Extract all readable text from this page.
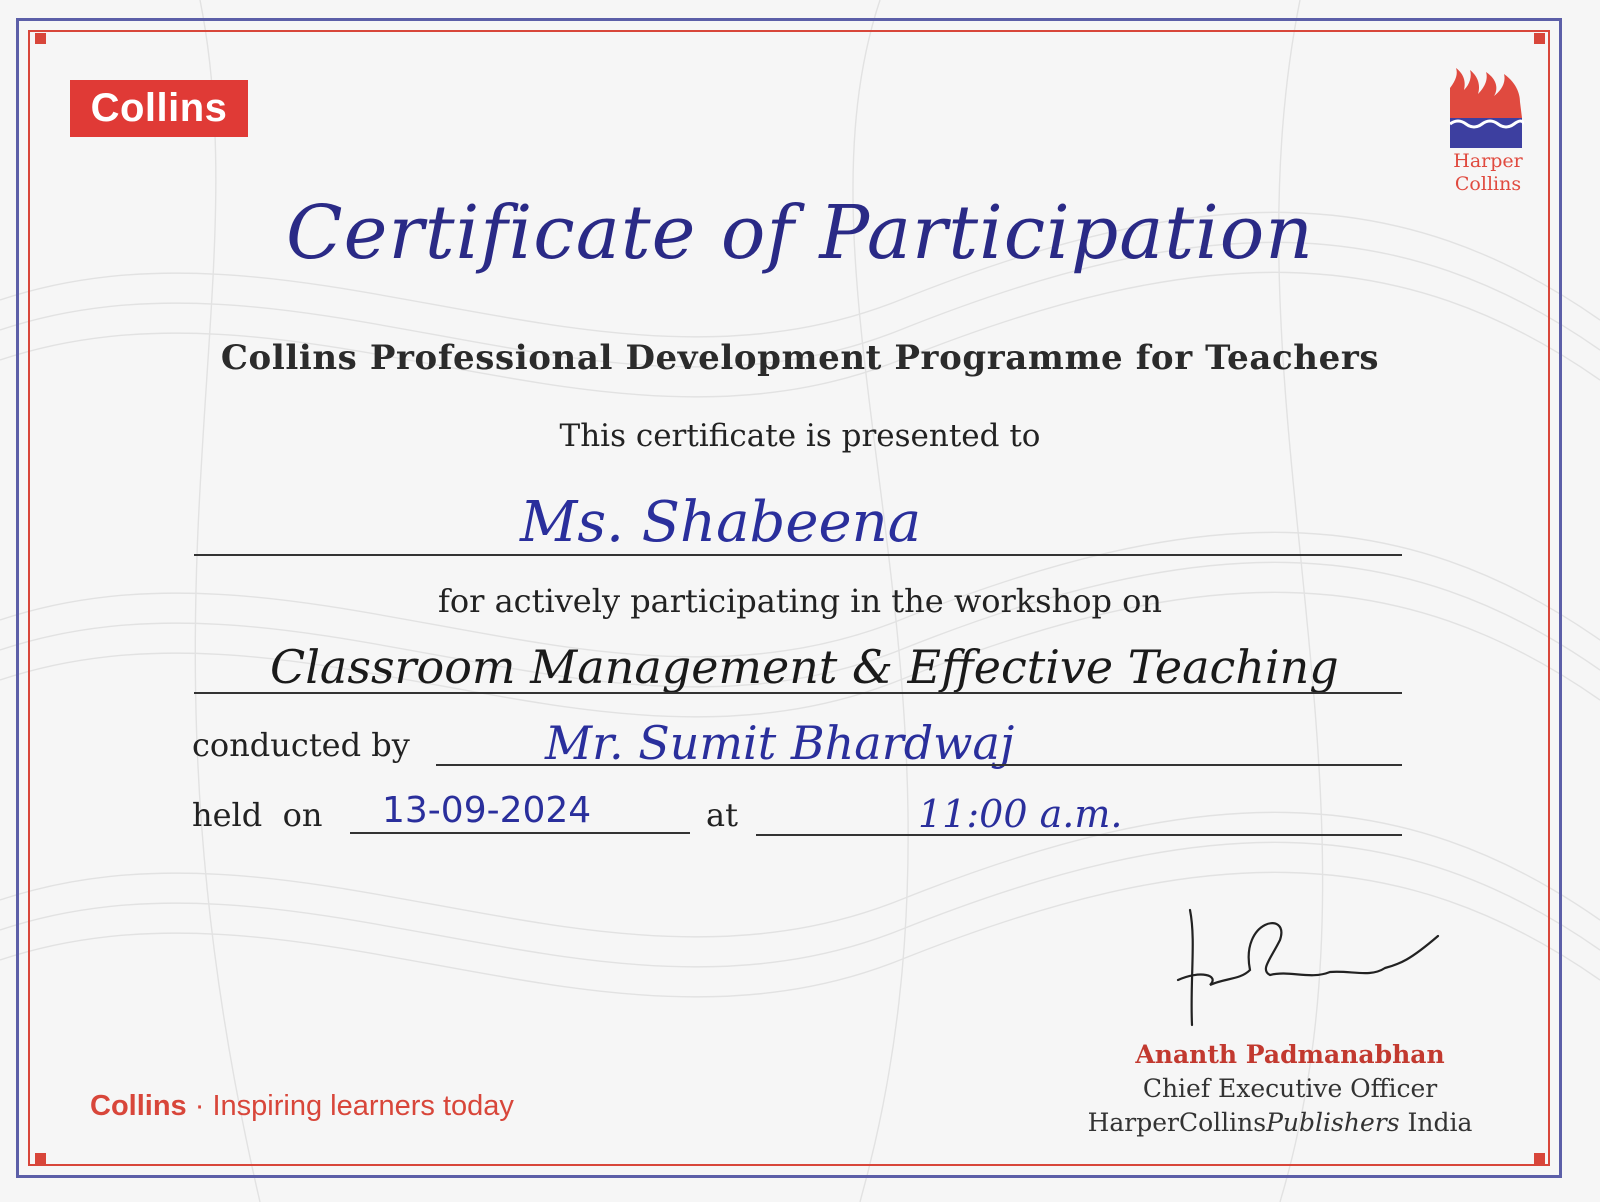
Collins
Harper
Collins
Certificate of Participation
Collins Professional Development Programme for Teachers
This certificate is presented to
Ms. Shabeena
for actively participating in the workshop on
Classroom Management & Effective Teaching
conducted by	Mr. Sumit Bhardwaj
held  on 13-09-2024	at	11:00 a.m.
Ananth Padmanabhan
Chief Executive Officer
HarperCollinsPublishers India
Collins · Inspiring learners today
